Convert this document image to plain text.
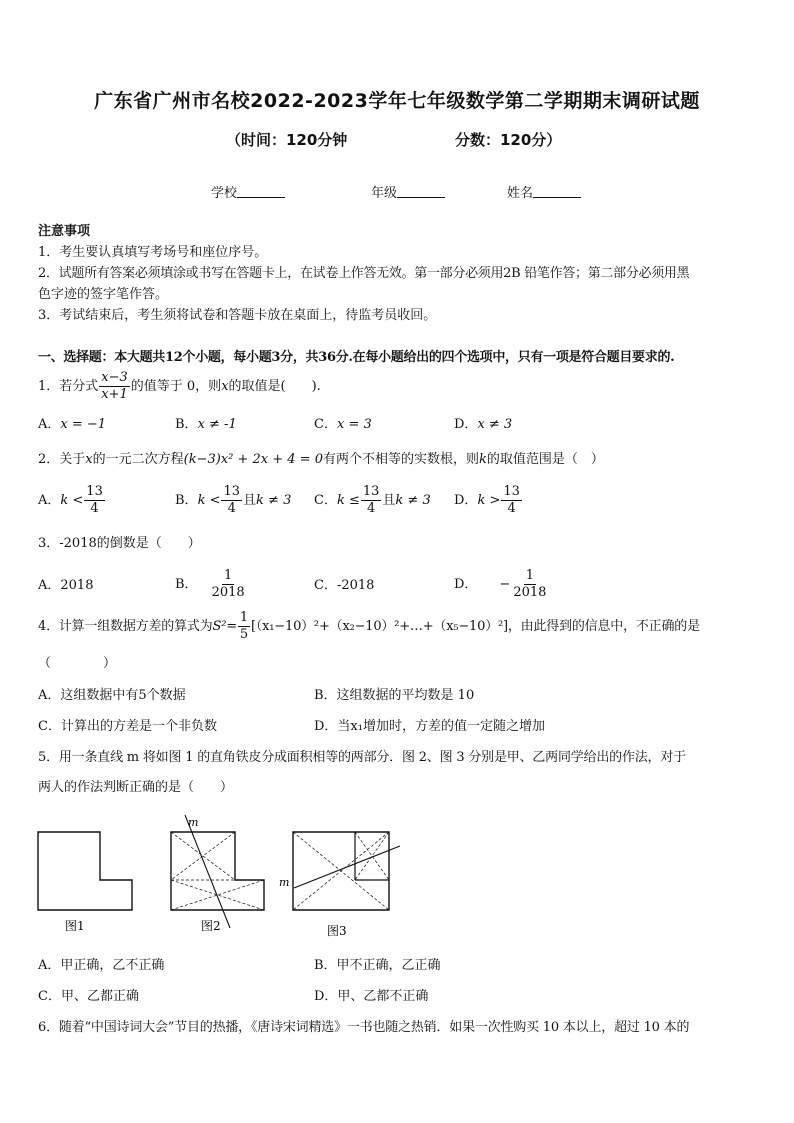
广东省广州市名校2022-2023学年七年级数学第二学期期末调研试题
（时间：120分钟	分数：120分）
学校	年级	姓名
注意事项
1．考生要认真填写考场号和座位序号。
2．试题所有答案必须填涂或书写在答题卡上，在试卷上作答无效。第一部分必须用2B 铅笔作答；第二部分必须用黑
色字迹的签字笔作答。
3．考试结束后，考生须将试卷和答题卡放在桌面上，待监考员收回。
一、选择题：本大题共12个小题，每小题3分，共36分.在每小题给出的四个选项中，只有一项是符合题目要求的.
1．若分式 $\frac{x-3}{x+1}$ 的值等于 0，则 x 的取值是(　　).
A．x = −1	B．x ≠ -1	C．x = 3	D．x ≠ 3
2．关于x的一元二次方程(k−3)x² + 2x + 4 = 0有两个不相等的实数根，则k的取值范围是（　）
A． $k < \frac{13}{4}$	B． $k < \frac{13}{4}$ 且 k ≠ 3 C． $k \le \frac{13}{4}$ 且 k ≠ 3 D． $k > \frac{13}{4}$
3．-2018的倒数是（　　）
A．2018	B． $\frac{1}{2018}$	C．-2018	D． − $\frac{1}{2018}$
4．计算一组数据方差的算式为 $S^2= \frac{1}{5}$ [（x₁−10）²+（x₂−10）²+…+（x₅−10）²]，由此得到的信息中，不正确的是
（　　　　）
A．这组数据中有5个数据	B．这组数据的平均数是 10
C．计算出的方差是一个非负数	D．当x₁增加时，方差的值一定随之增加
5．用一条直线 m 将如图 1 的直角铁皮分成面积相等的两部分．图 2、图 3 分别是甲、乙两同学给出的作法，对于
两人的作法判断正确的是（　　）
图1
m
图2
m
图3
A．甲正确，乙不正确	B．甲不正确，乙正确
C．甲、乙都正确	D．甲、乙都不正确
6．随着“中国诗词大会”节目的热播，《唐诗宋词精选》一书也随之热销．如果一次性购买 10 本以上，超过 10 本的
